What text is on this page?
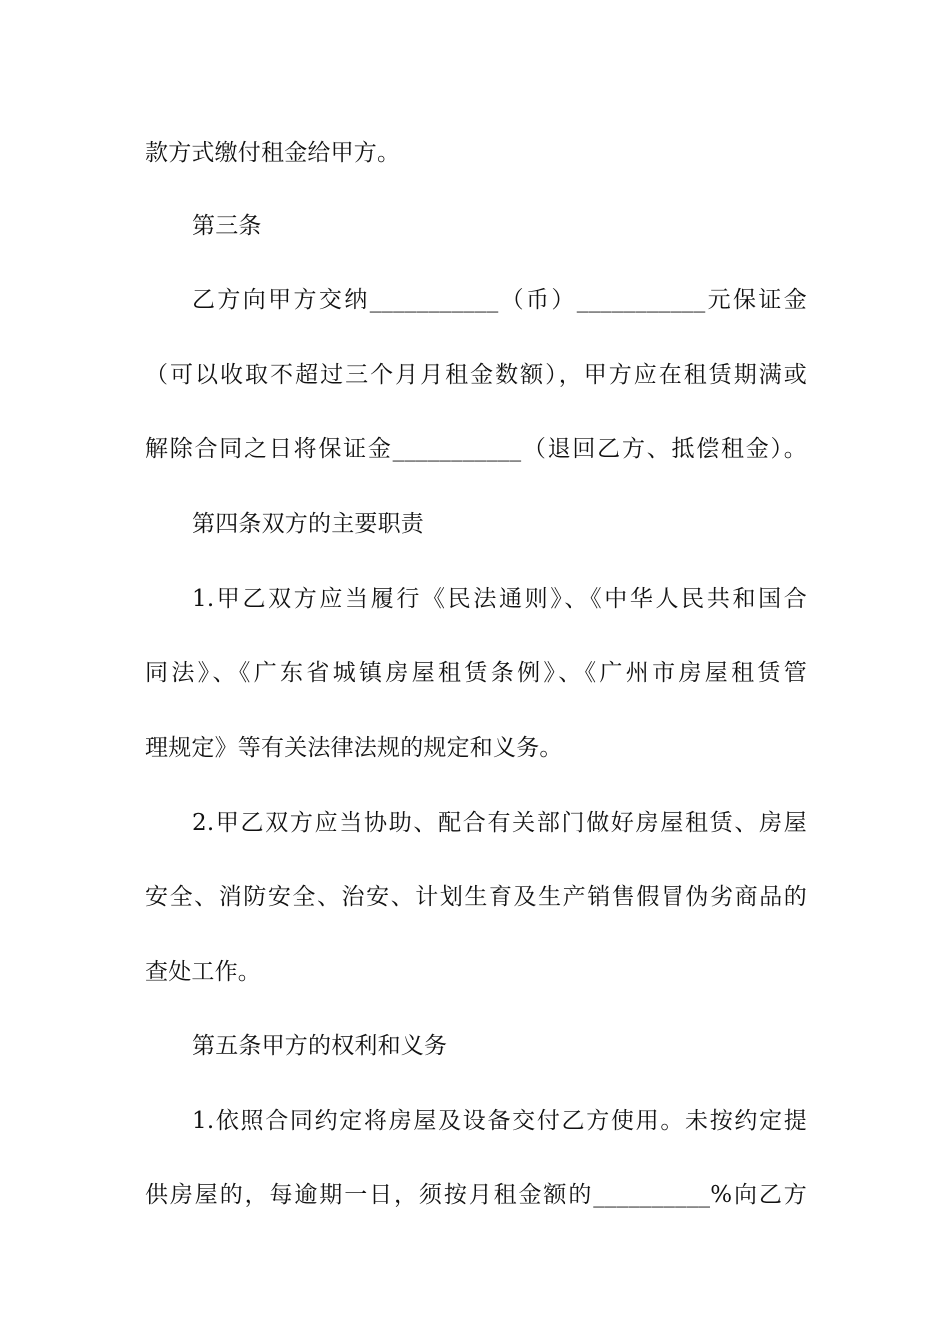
款方式缴付租金给甲方。
第三条
乙方向甲方交纳___________（币）___________元保证金
（可以收取不超过三个月月租金数额），甲方应在租赁期满或
解除合同之日将保证金___________（退回乙方、抵偿租金）。
第四条双方的主要职责
1.甲乙双方应当履行《民法通则》、《中华人民共和国合
同法》、《广东省城镇房屋租赁条例》、《广州市房屋租赁管
理规定》等有关法律法规的规定和义务。
2.甲乙双方应当协助、配合有关部门做好房屋租赁、房屋
安全、消防安全、治安、计划生育及生产销售假冒伪劣商品的
查处工作。
第五条甲方的权利和义务
1.依照合同约定将房屋及设备交付乙方使用。未按约定提
供房屋的，每逾期一日，须按月租金额的__________%向乙方
